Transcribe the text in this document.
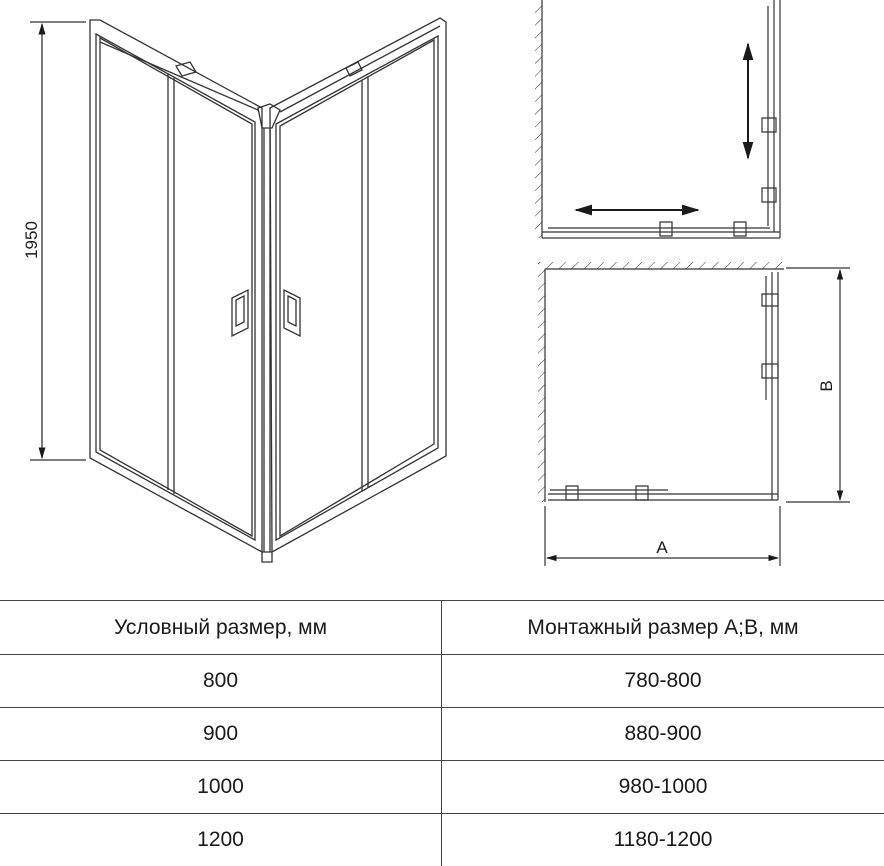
1950
B
A
Условный размер, мм	Монтажный размер А;В, мм
800	780-800
900	880-900
1000	980-1000
1200	1180-1200
